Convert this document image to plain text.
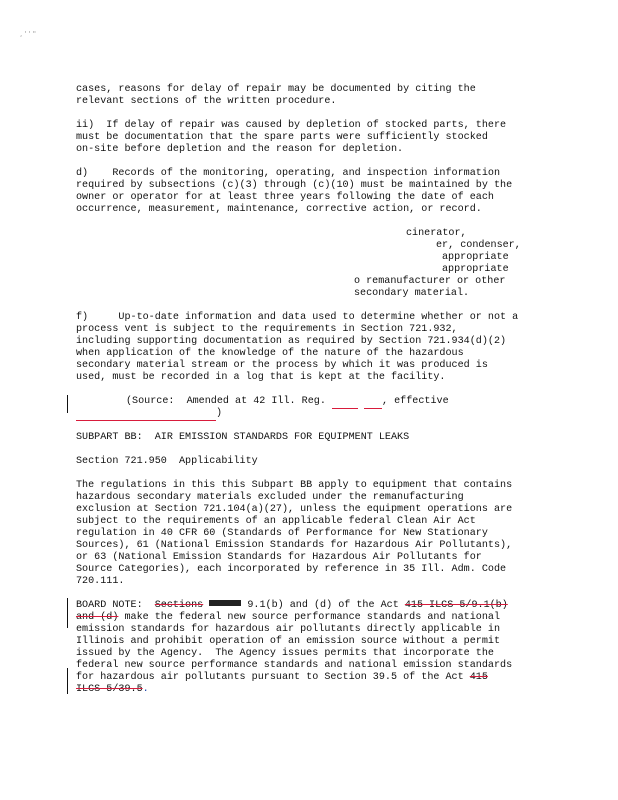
, ' ' "
cases, reasons for delay of repair may be documented by citing the
relevant sections of the written procedure.
ii)  If delay of repair was caused by depletion of stocked parts, there
must be documentation that the spare parts were sufficiently stocked
on-site before depletion and the reason for depletion.
d)    Records of the monitoring, operating, and inspection information
required by subsections (c)(3) through (c)(10) must be maintained by the
owner or operator for at least three years following the date of each
occurrence, measurement, maintenance, corrective action, or record.
cinerator,
er, condenser,
appropriate
appropriate
o remanufacturer or other
secondary material.
f)     Up-to-date information and data used to determine whether or not a
process vent is subject to the requirements in Section 721.932,
including supporting documentation as required by Section 721.934(d)(2)
when application of the knowledge of the nature of the hazardous
secondary material stream or the process by which it was produced is
used, must be recorded in a log that is kept at the facility.
(Source:  Amended at 42 Ill. Reg.	, effective
)
SUBPART BB:  AIR EMISSION STANDARDS FOR EQUIPMENT LEAKS
Section 721.950  Applicability
The regulations in this this Subpart BB apply to equipment that contains
hazardous secondary materials excluded under the remanufacturing
exclusion at Section 721.104(a)(27), unless the equipment operations are
subject to the requirements of an applicable federal Clean Air Act
regulation in 40 CFR 60 (Standards of Performance for New Stationary
Sources), 61 (National Emission Standards for Hazardous Air Pollutants),
or 63 (National Emission Standards for Hazardous Air Pollutants for
Source Categories), each incorporated by reference in 35 Ill. Adm. Code
720.111.
BOARD NOTE:  Sections	9.1(b) and (d) of the Act 415 ILCS 5/9.1(b)
and (d) make the federal new source performance standards and national
emission standards for hazardous air pollutants directly applicable in
Illinois and prohibit operation of an emission source without a permit
issued by the Agency.  The Agency issues permits that incorporate the
federal new source performance standards and national emission standards
for hazardous air pollutants pursuant to Section 39.5 of the Act 415
ILCS 5/39.5.
